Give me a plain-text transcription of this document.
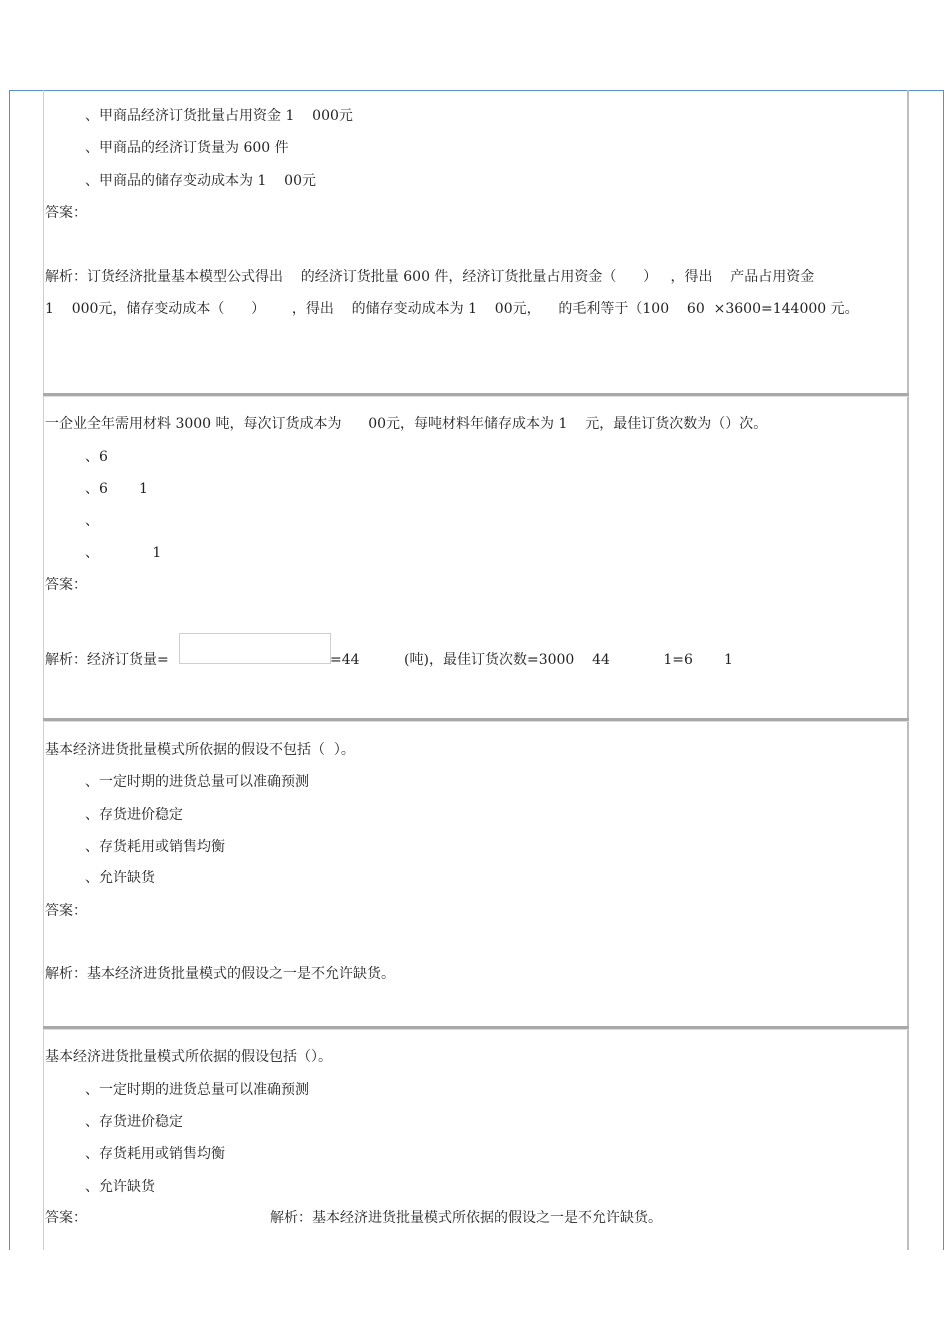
、甲商品经济订货批量占用资金 1    000元
、甲商品的经济订货量为 600 件
、甲商品的储存变动成本为 1    00元
答案：
解析：订货经济批量基本模型公式得出    的经济订货批量 600 件，经济订货批量占用资金（      ）   ，得出    产品占用资金
1    000元，储存变动成本（      ）      ，得出    的储存变动成本为 1    00元，    的毛利等于（100    60  ×3600=144000 元。
一企业全年需用材料 3000 吨，每次订货成本为      00元，每吨材料年储存成本为 1    元，最佳订货次数为（）次。
、6
、6       1
、
、            1
答案：
解析：经济订货量=	=44          (吨)，最佳订货次数=3000    44            1=6       1
基本经济进货批量模式所依据的假设不包括（  ）。
、一定时期的进货总量可以准确预测
、存货进价稳定
、存货耗用或销售均衡
、允许缺货
答案：
解析：基本经济进货批量模式的假设之一是不允许缺货。
基本经济进货批量模式所依据的假设包括（）。
、一定时期的进货总量可以准确预测
、存货进价稳定
、存货耗用或销售均衡
、允许缺货
答案：	解析：基本经济进货批量模式所依据的假设之一是不允许缺货。
